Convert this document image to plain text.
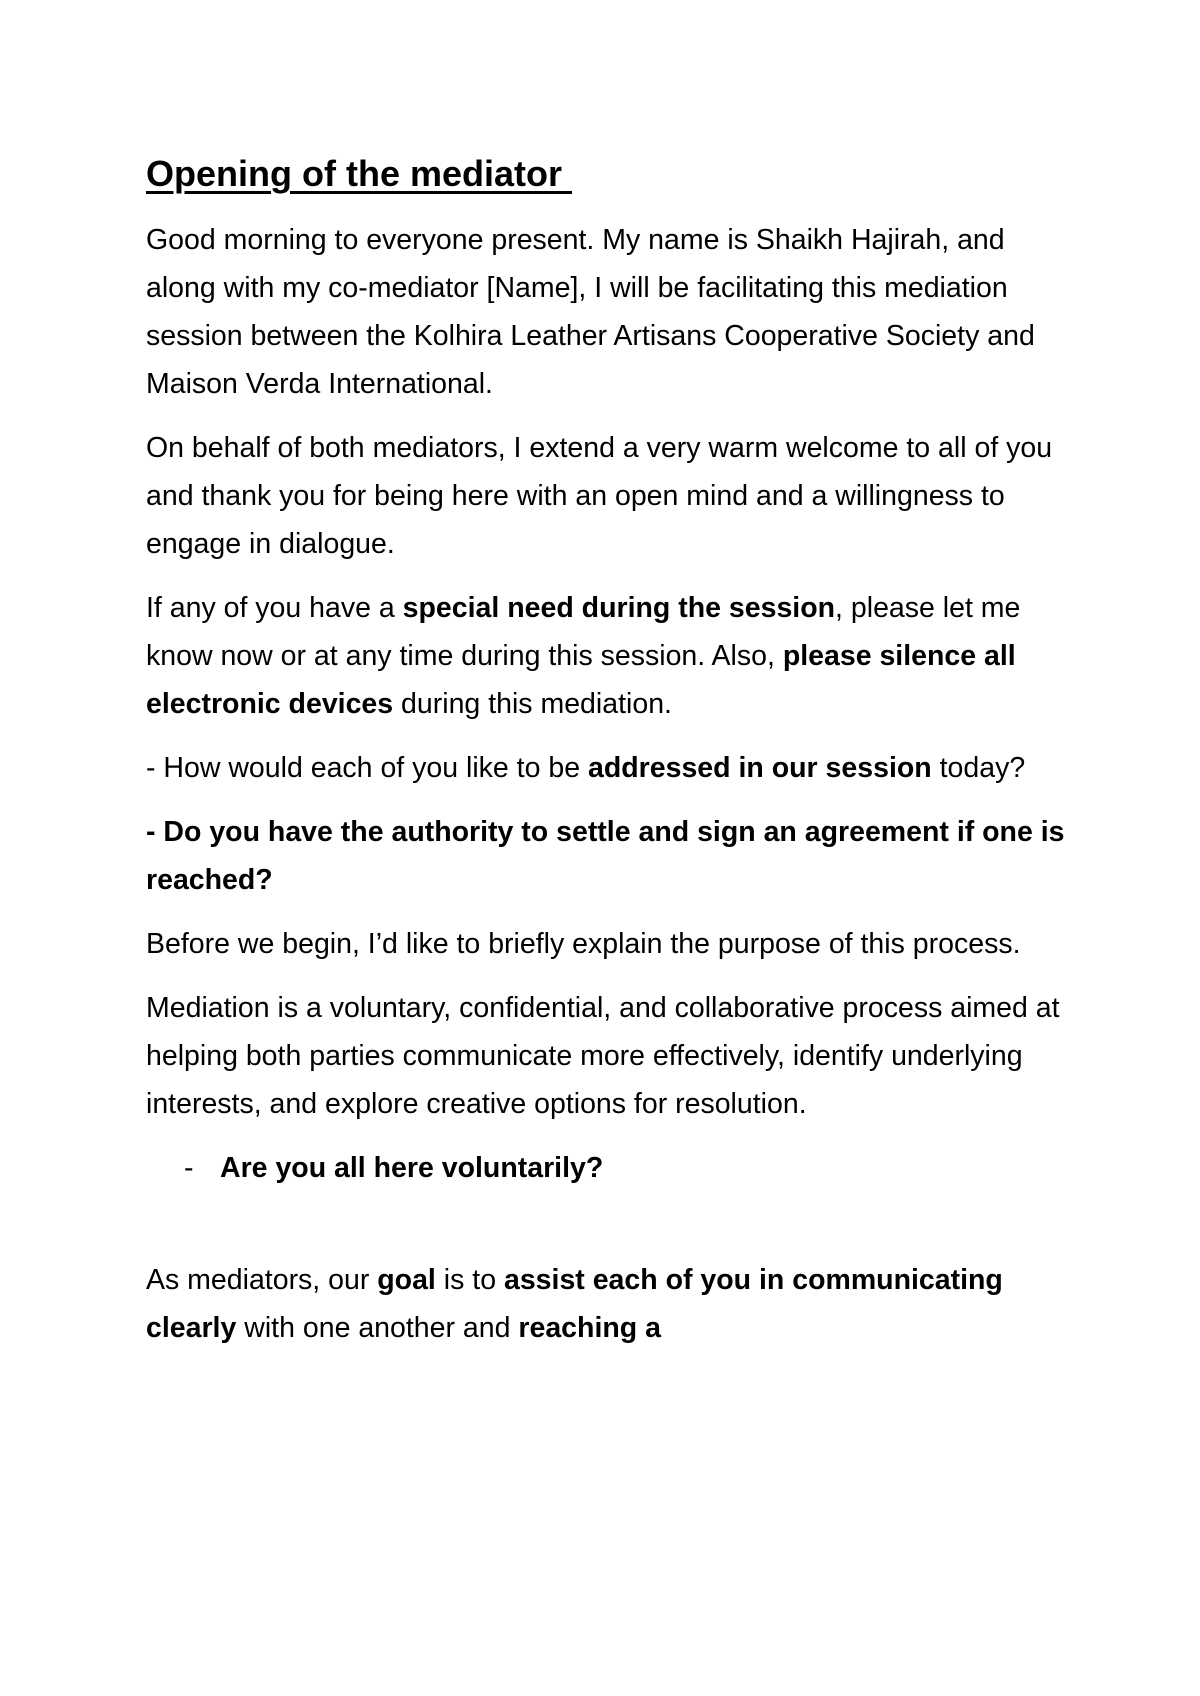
Opening of the mediator

Good morning to everyone present. My name is Shaikh Hajirah, and along with my co-mediator [Name], I will be facilitating this mediation session between the Kolhira Leather Artisans Cooperative Society and Maison Verda International.

On behalf of both mediators, I extend a very warm welcome to all of you and thank you for being here with an open mind and a willingness to engage in dialogue.

If any of you have a special need during the session, please let me know now or at any time during this session. Also, please silence all electronic devices during this mediation.

- How would each of you like to be addressed in our session today?

- Do you have the authority to settle and sign an agreement if one is reached?

Before we begin, I’d like to briefly explain the purpose of this process.

Mediation is a voluntary, confidential, and collaborative process aimed at helping both parties communicate more effectively, identify underlying interests, and explore creative options for resolution.

- Are you all here voluntarily?

As mediators, our goal is to assist each of you in communicating clearly with one another and reaching a
